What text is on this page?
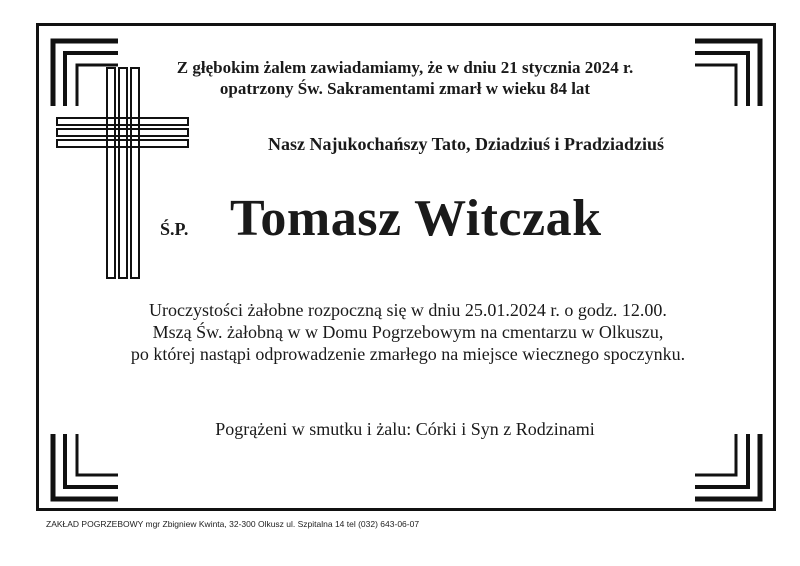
Z głębokim żalem zawiadamiamy, że w dniu 21 stycznia 2024 r.
opatrzony Św. Sakramentami zmarł w wieku 84 lat
Nasz Najukochańszy Tato, Dziadziuś i Pradziadziuś
Ś.P. Tomasz Witczak
Uroczystości żałobne rozpoczną się w dniu 25.01.2024 r. o godz. 12.00.
Mszą Św. żałobną w w Domu Pogrzebowym na cmentarzu w Olkuszu,
po której nastąpi odprowadzenie zmarłego na miejsce wiecznego spoczynku.
Pogrążeni w smutku i żalu: Córki i Syn z Rodzinami
ZAKŁAD POGRZEBOWY mgr Zbigniew Kwinta, 32-300 Olkusz ul. Szpitalna 14 tel (032) 643-06-07
